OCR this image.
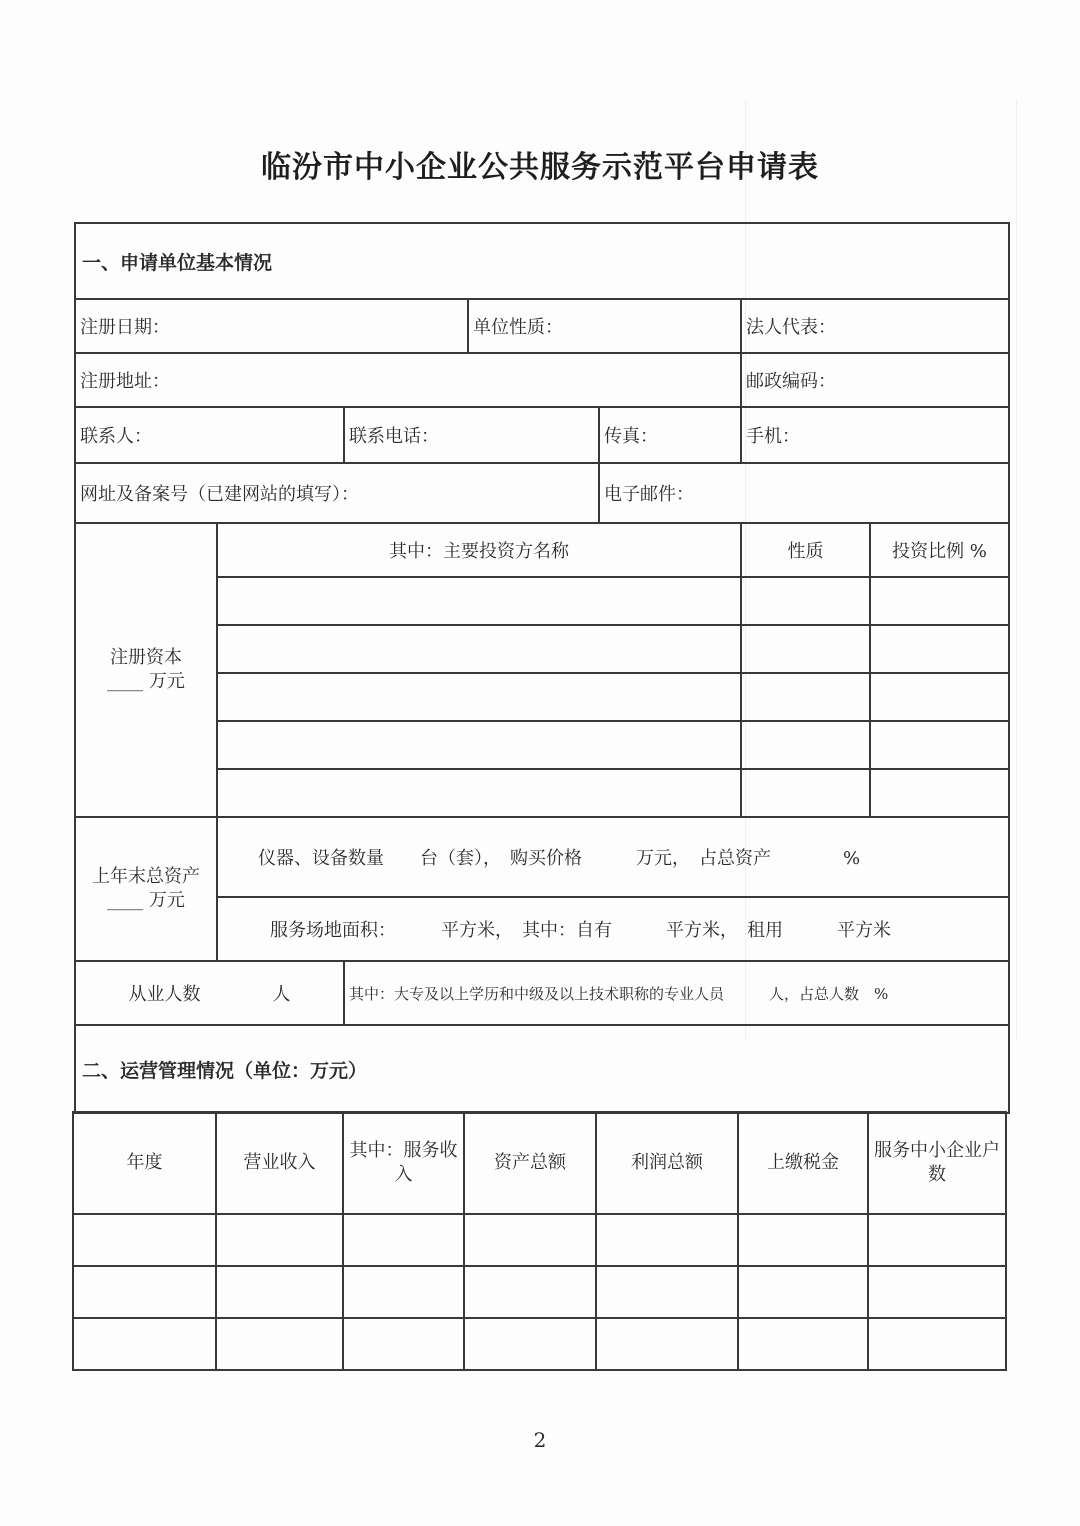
临汾市中小企业公共服务示范平台申请表
一、申请单位基本情况						
注册日期：			单位性质：		法人代表：	
注册地址：					邮政编码：	
联系人：		联系电话：		传真：	手机：	
网址及备案号（已建网站的填写）：				电子邮件：		

注册资本
____ 万元	其中：主要投资方名称				性质	投资比例 %

上年末总资产
____ 万元	仪器、设备数量　　台（套），　购买价格　　　万元，　占总资产　　　　%					
	服务场地面积：　　　平方米，　其中：自有　　　平方米，　租用　　　平方米					
从业人数　　　　人		其中：大专及以上学历和中级及以上技术职称的专业人员　　　人，占总人数　%				
二、运营管理情况（单位：万元）						
年度	营业收入	其中：服务收入	资产总额	利润总额	上缴税金	服务中小企业户数

2
